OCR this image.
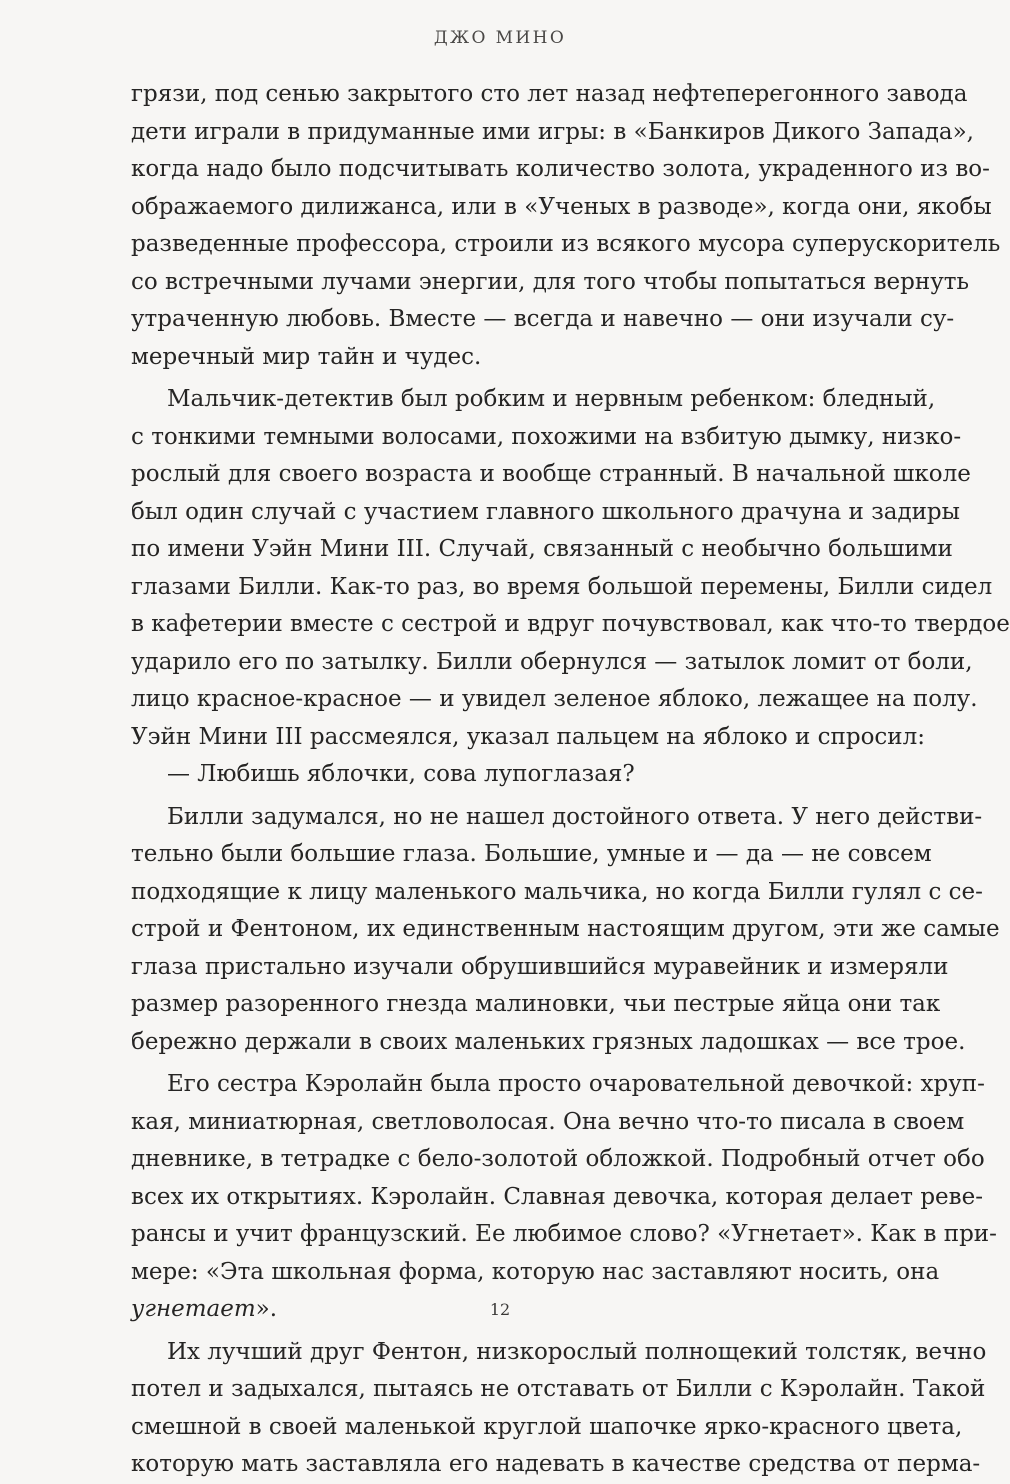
ДЖО МИНО
грязи, под сенью закрытого сто лет назад нефтеперегонного завода
дети играли в придуманные ими игры: в «Банкиров Дикого Запада»,
когда надо было подсчитывать количество золота, украденного из во-
ображаемого дилижанса, или в «Ученых в разводе», когда они, якобы
разведенные профессора, строили из всякого мусора суперускоритель
со встречными лучами энергии, для того чтобы попытаться вернуть
утраченную любовь. Вместе — всегда и навечно — они изучали су-
меречный мир тайн и чудес.
Мальчик-детектив был робким и нервным ребенком: бледный,
с тонкими темными волосами, похожими на взбитую дымку, низко-
рослый для своего возраста и вообще странный. В начальной школе
был один случай с участием главного школьного драчуна и задиры
по имени Уэйн Мини III. Случай, связанный с необычно большими
глазами Билли. Как-то раз, во время большой перемены, Билли сидел
в кафетерии вместе с сестрой и вдруг почувствовал, как что-то твердое
ударило его по затылку. Билли обернулся — затылок ломит от боли,
лицо красное-красное — и увидел зеленое яблоко, лежащее на полу.
Уэйн Мини III рассмеялся, указал пальцем на яблоко и спросил:
— Любишь яблочки, сова лупоглазая?
Билли задумался, но не нашел достойного ответа. У него действи-
тельно были большие глаза. Большие, умные и — да — не совсем
подходящие к лицу маленького мальчика, но когда Билли гулял с се-
строй и Фентоном, их единственным настоящим другом, эти же самые
глаза пристально изучали обрушившийся муравейник и измеряли
размер разоренного гнезда малиновки, чьи пестрые яйца они так
бережно держали в своих маленьких грязных ладошках — все трое.
Его сестра Кэролайн была просто очаровательной девочкой: хруп-
кая, миниатюрная, светловолосая. Она вечно что-то писала в своем
дневнике, в тетрадке с бело-золотой обложкой. Подробный отчет обо
всех их открытиях. Кэролайн. Славная девочка, которая делает реве-
рансы и учит французский. Ее любимое слово? «Угнетает». Как в при-
мере: «Эта школьная форма, которую нас заставляют носить, она
угнетает».
Их лучший друг Фентон, низкорослый полнощекий толстяк, вечно
потел и задыхался, пытаясь не отставать от Билли с Кэролайн. Такой
смешной в своей маленькой круглой шапочке ярко-красного цвета,
которую мать заставляла его надевать в качестве средства от перма-
12
